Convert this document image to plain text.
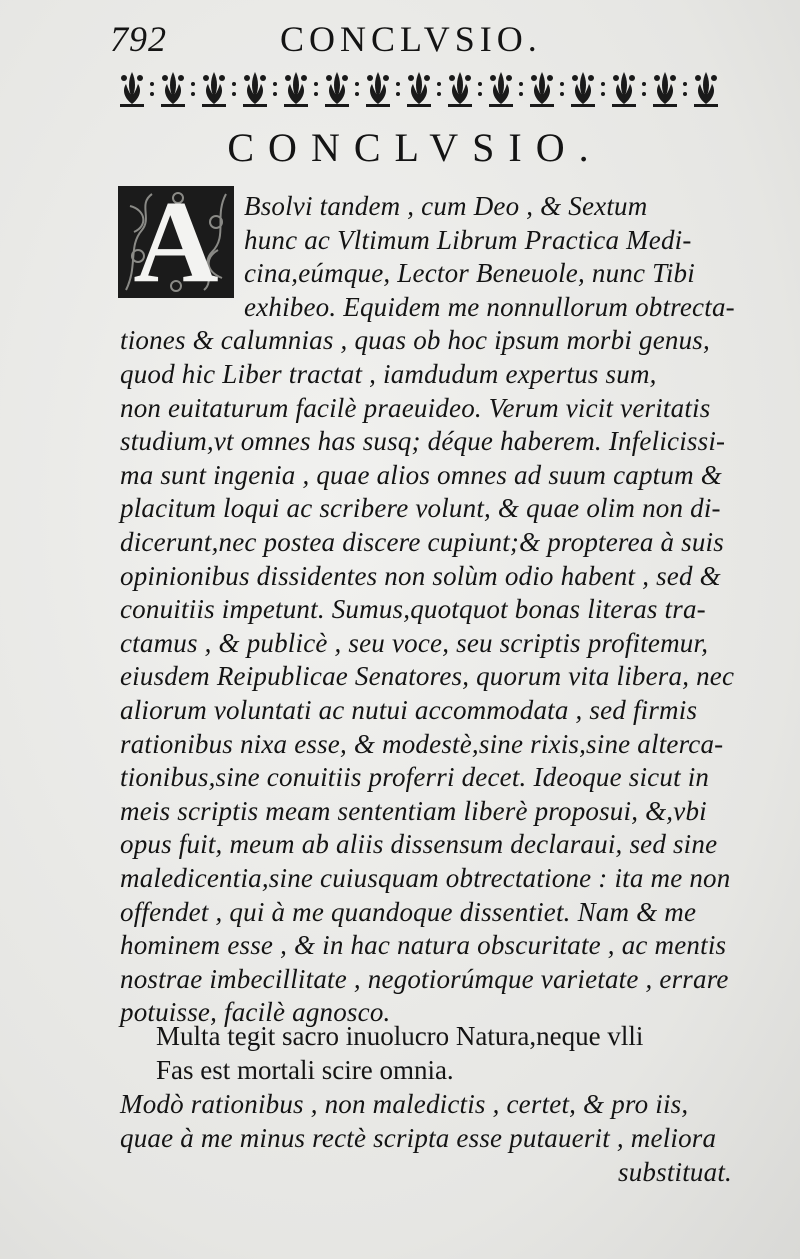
792	CONCLVSIO.
CONCLVSIO.
A Bsolvi tandem , cum Deo , & Sextum
hunc ac Vltimum Librum Practica Medi-
cina,eúmque, Lector Beneuole, nunc Tibi
exhibeo. Equidem me nonnullorum obtrecta-
tiones & calumnias , quas ob hoc ipsum morbi genus,
quod hic Liber tractat , iamdudum expertus sum,
non euitaturum facilè praeuideo. Verum vicit veritatis
studium,vt omnes has susq; déque haberem. Infelicissi-
ma sunt ingenia , quae alios omnes ad suum captum &
placitum loqui ac scribere volunt, & quae olim non di-
dicerunt,nec postea discere cupiunt;& propterea à suis
opinionibus dissidentes non solùm odio habent , sed &
conuitiis impetunt. Sumus,quotquot bonas literas tra-
ctamus , & publicè , seu voce, seu scriptis profitemur,
eiusdem Reipublicae Senatores, quorum vita libera, nec
aliorum voluntati ac nutui accommodata , sed firmis
rationibus nixa esse, & modestè,sine rixis,sine alterca-
tionibus,sine conuitiis proferri decet. Ideoque sicut in
meis scriptis meam sententiam liberè proposui, &,vbi
opus fuit, meum ab aliis dissensum declaraui, sed sine
maledicentia,sine cuiusquam obtrectatione : ita me non
offendet , qui à me quandoque dissentiet. Nam & me
hominem esse , & in hac natura obscuritate , ac mentis
nostrae imbecillitate , negotiorúmque varietate , errare
potuisse, facilè agnosco.
Multa tegit sacro inuolucro Natura,neque vlli
Fas est mortali scire omnia.
Modò rationibus , non maledictis , certet, & pro iis,
quae à me minus rectè scripta esse putauerit , meliora
substituat.
